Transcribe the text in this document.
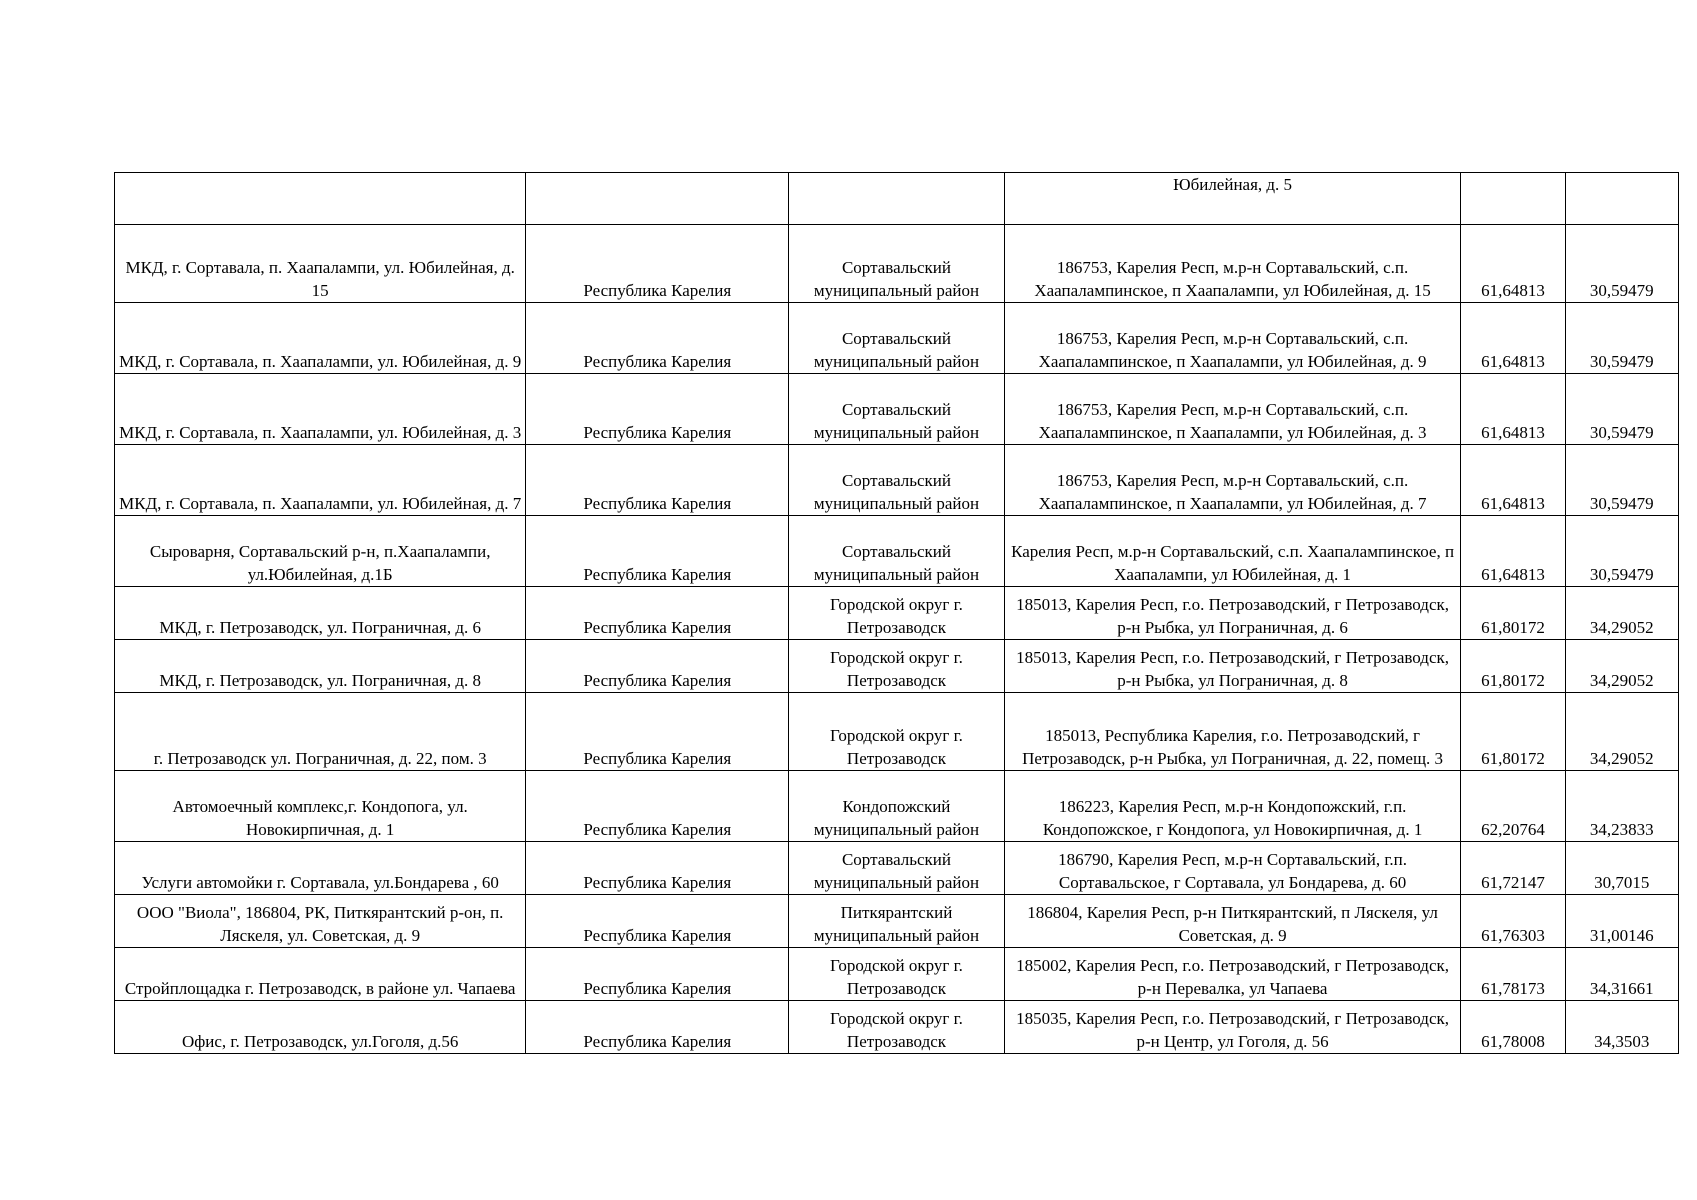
			Юбилейная, д. 5		
МКД, г. Сортавала, п. Хаапалампи, ул. Юбилейная, д. 15	Республика Карелия	Сортавальский муниципальный район	186753, Карелия Респ, м.р-н Сортавальский, с.п. Хаапалампинское, п Хаапалампи, ул Юбилейная, д. 15	61,64813	30,59479
МКД, г. Сортавала, п. Хаапалампи, ул. Юбилейная, д. 9	Республика Карелия	Сортавальский муниципальный район	186753, Карелия Респ, м.р-н Сортавальский, с.п. Хаапалампинское, п Хаапалампи, ул Юбилейная, д. 9	61,64813	30,59479
МКД, г. Сортавала, п. Хаапалампи, ул. Юбилейная, д. 3	Республика Карелия	Сортавальский муниципальный район	186753, Карелия Респ, м.р-н Сортавальский, с.п. Хаапалампинское, п Хаапалампи, ул Юбилейная, д. 3	61,64813	30,59479
МКД, г. Сортавала, п. Хаапалампи, ул. Юбилейная, д. 7	Республика Карелия	Сортавальский муниципальный район	186753, Карелия Респ, м.р-н Сортавальский, с.п. Хаапалампинское, п Хаапалампи, ул Юбилейная, д. 7	61,64813	30,59479
Сыроварня, Сортавальский р-н, п.Хаапалампи, ул.Юбилейная, д.1Б	Республика Карелия	Сортавальский муниципальный район	Карелия Респ, м.р-н Сортавальский, с.п. Хаапалампинское, п Хаапалампи, ул Юбилейная, д. 1	61,64813	30,59479
МКД, г. Петрозаводск, ул. Пограничная, д. 6	Республика Карелия	Городской округ г. Петрозаводск	185013, Карелия Респ, г.о. Петрозаводский, г Петрозаводск, р-н Рыбка, ул Пограничная, д. 6	61,80172	34,29052
МКД, г. Петрозаводск, ул. Пограничная, д. 8	Республика Карелия	Городской округ г. Петрозаводск	185013, Карелия Респ, г.о. Петрозаводский, г Петрозаводск, р-н Рыбка, ул Пограничная, д. 8	61,80172	34,29052
г. Петрозаводск ул. Пограничная, д. 22, пом. 3	Республика Карелия	Городской округ г. Петрозаводск	185013, Республика Карелия, г.о. Петрозаводский, г Петрозаводск, р-н Рыбка, ул Пограничная, д. 22, помещ. 3	61,80172	34,29052
Автомоечный комплекс,г. Кондопога, ул. Новокирпичная, д. 1	Республика Карелия	Кондопожский муниципальный район	186223, Карелия Респ, м.р-н Кондопожский, г.п. Кондопожское, г Кондопога, ул Новокирпичная, д. 1	62,20764	34,23833
Услуги автомойки г. Сортавала, ул.Бондарева , 60	Республика Карелия	Сортавальский муниципальный район	186790, Карелия Респ, м.р-н Сортавальский, г.п. Сортавальское, г Сортавала, ул Бондарева, д. 60	61,72147	30,7015
ООО "Виола", 186804, РК, Питкярантский р-он, п. Ляскеля, ул. Советская, д. 9	Республика Карелия	Питкярантский муниципальный район	186804, Карелия Респ, р-н Питкярантский, п Ляскеля, ул Советская, д. 9	61,76303	31,00146
Стройплощадка г. Петрозаводск, в районе ул. Чапаева	Республика Карелия	Городской округ г. Петрозаводск	185002, Карелия Респ, г.о. Петрозаводский, г Петрозаводск, р-н Перевалка, ул Чапаева	61,78173	34,31661
Офис, г. Петрозаводск, ул.Гоголя, д.56	Республика Карелия	Городской округ г. Петрозаводск	185035, Карелия Респ, г.о. Петрозаводский, г Петрозаводск, р-н Центр, ул Гоголя, д. 56	61,78008	34,3503
